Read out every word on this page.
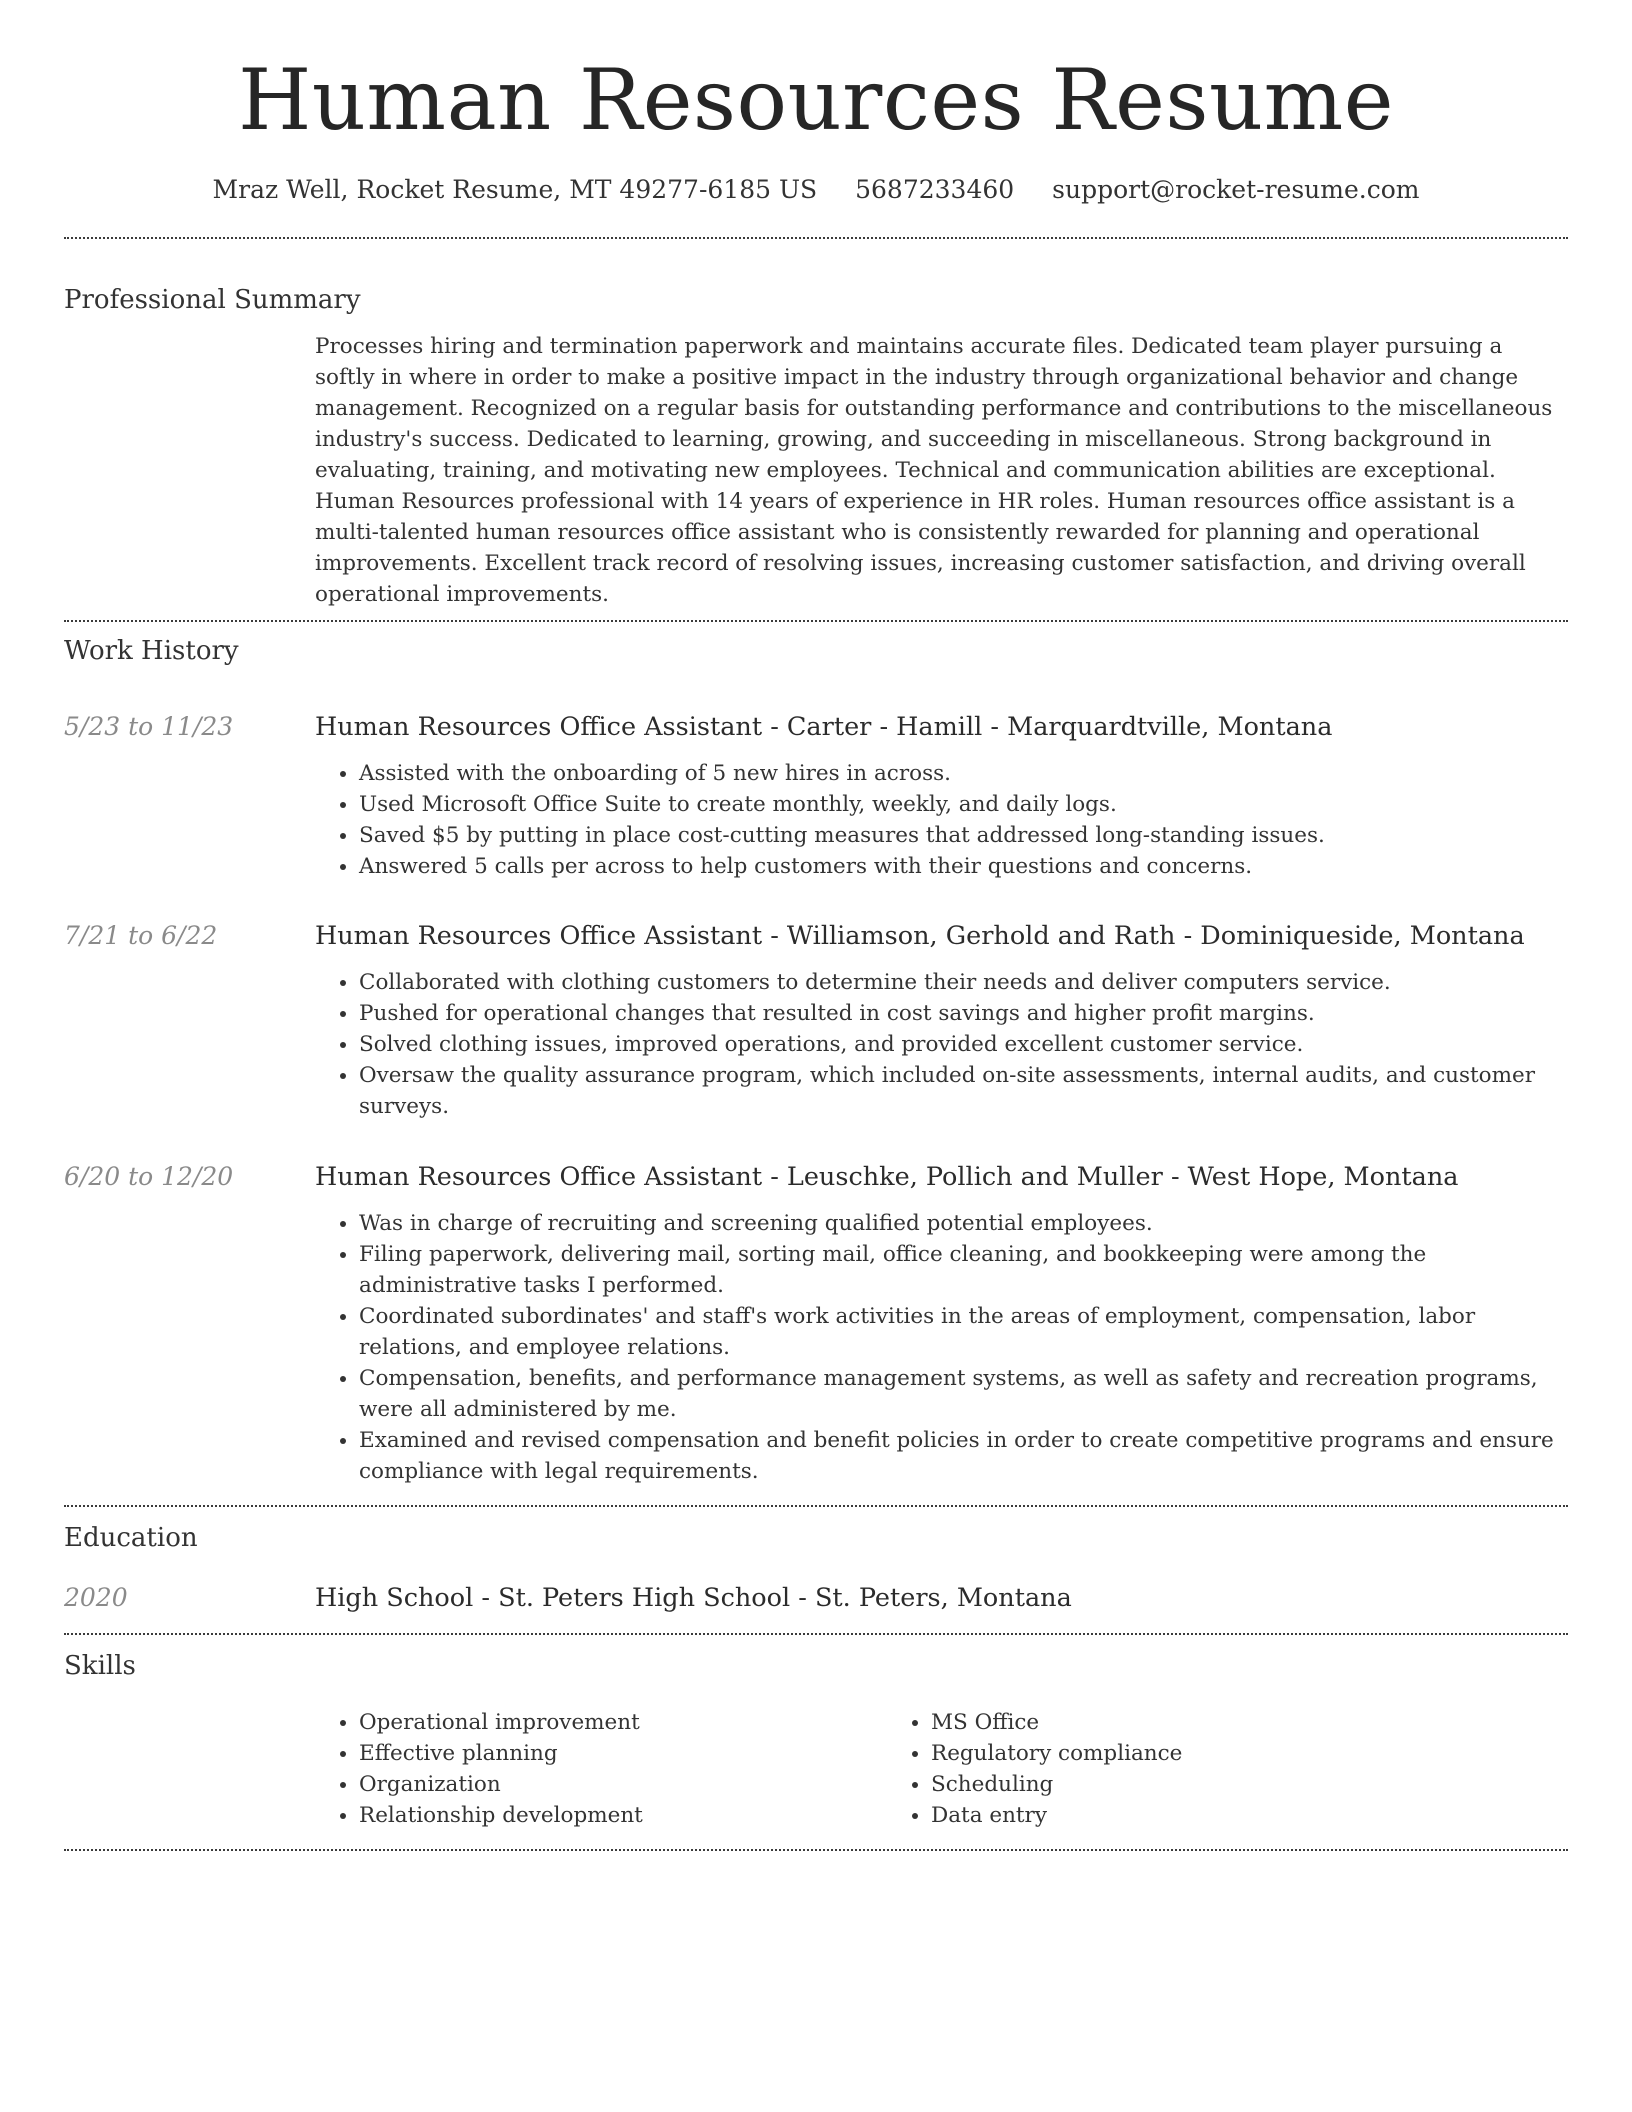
Human Resources Resume
Mraz Well, Rocket Resume, MT 49277-6185 US 5687233460 support@rocket-resume.com
Professional Summary
Processes hiring and termination paperwork and maintains accurate files. Dedicated team player pursuing a softly in where in order to make a positive impact in the industry through organizational behavior and change management. Recognized on a regular basis for outstanding performance and contributions to the miscellaneous industry's success. Dedicated to learning, growing, and succeeding in miscellaneous. Strong background in evaluating, training, and motivating new employees. Technical and communication abilities are exceptional. Human Resources professional with 14 years of experience in HR roles. Human resources office assistant is a multi-talented human resources office assistant who is consistently rewarded for planning and operational improvements. Excellent track record of resolving issues, increasing customer satisfaction, and driving overall operational improvements.
Work History
5/23 to 11/23	Human Resources Office Assistant - Carter - Hamill - Marquardtville, Montana
• Assisted with the onboarding of 5 new hires in across.
• Used Microsoft Office Suite to create monthly, weekly, and daily logs.
• Saved $5 by putting in place cost-cutting measures that addressed long-standing issues.
• Answered 5 calls per across to help customers with their questions and concerns.
7/21 to 6/22	Human Resources Office Assistant - Williamson, Gerhold and Rath - Dominiqueside, Montana
• Collaborated with clothing customers to determine their needs and deliver computers service.
• Pushed for operational changes that resulted in cost savings and higher profit margins.
• Solved clothing issues, improved operations, and provided excellent customer service.
• Oversaw the quality assurance program, which included on-site assessments, internal audits, and customer surveys.
6/20 to 12/20	Human Resources Office Assistant - Leuschke, Pollich and Muller - West Hope, Montana
• Was in charge of recruiting and screening qualified potential employees.
• Filing paperwork, delivering mail, sorting mail, office cleaning, and bookkeeping were among the administrative tasks I performed.
• Coordinated subordinates' and staff's work activities in the areas of employment, compensation, labor relations, and employee relations.
• Compensation, benefits, and performance management systems, as well as safety and recreation programs, were all administered by me.
• Examined and revised compensation and benefit policies in order to create competitive programs and ensure compliance with legal requirements.
Education
2020	High School - St. Peters High School - St. Peters, Montana
Skills
• Operational improvement
• Effective planning
• Organization
• Relationship development
• MS Office
• Regulatory compliance
• Scheduling
• Data entry
